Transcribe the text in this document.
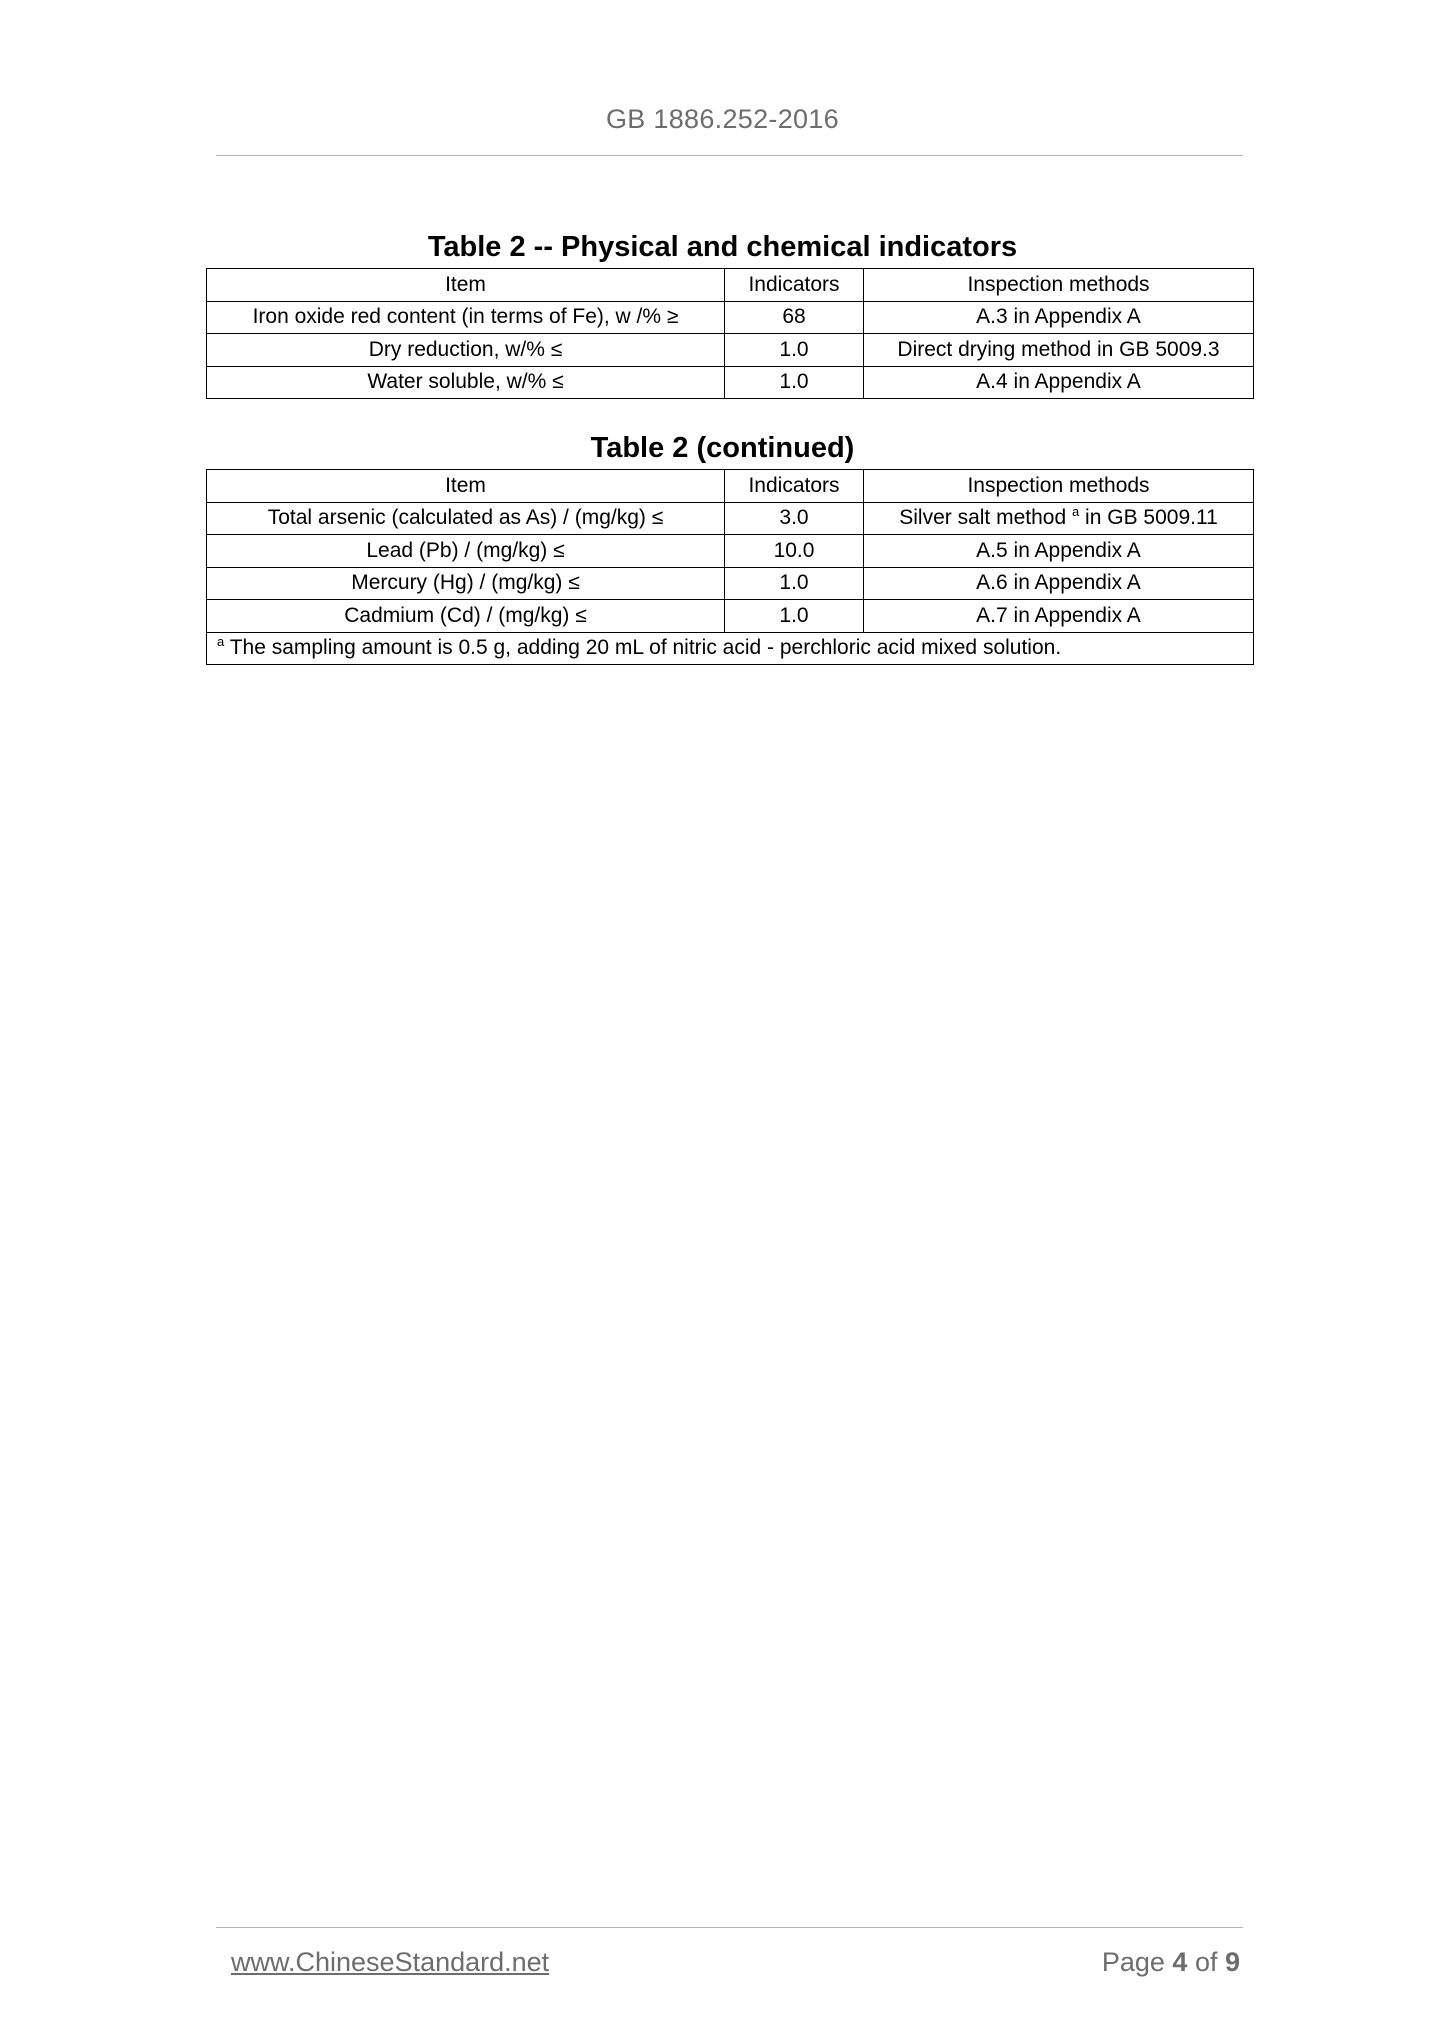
GB 1886.252-2016
Table 2 -- Physical and chemical indicators
Item	Indicators	Inspection methods
Iron oxide red content (in terms of Fe), w /% ≥	68	A.3 in Appendix A
Dry reduction, w/% ≤	1.0	Direct drying method in GB 5009.3
Water soluble, w/% ≤	1.0	A.4 in Appendix A
Table 2 (continued)
Item	Indicators	Inspection methods
Total arsenic (calculated as As) / (mg/kg) ≤	3.0	Silver salt method $^a$ in GB 5009.11
Lead (Pb) / (mg/kg) ≤	10.0	A.5 in Appendix A
Mercury (Hg) / (mg/kg) ≤	1.0	A.6 in Appendix A
Cadmium (Cd) / (mg/kg) ≤	1.0	A.7 in Appendix A
$^a$ The sampling amount is 0.5 g, adding 20 mL of nitric acid - perchloric acid mixed solution.		
www.ChineseStandard.net	Page 4 of 9
